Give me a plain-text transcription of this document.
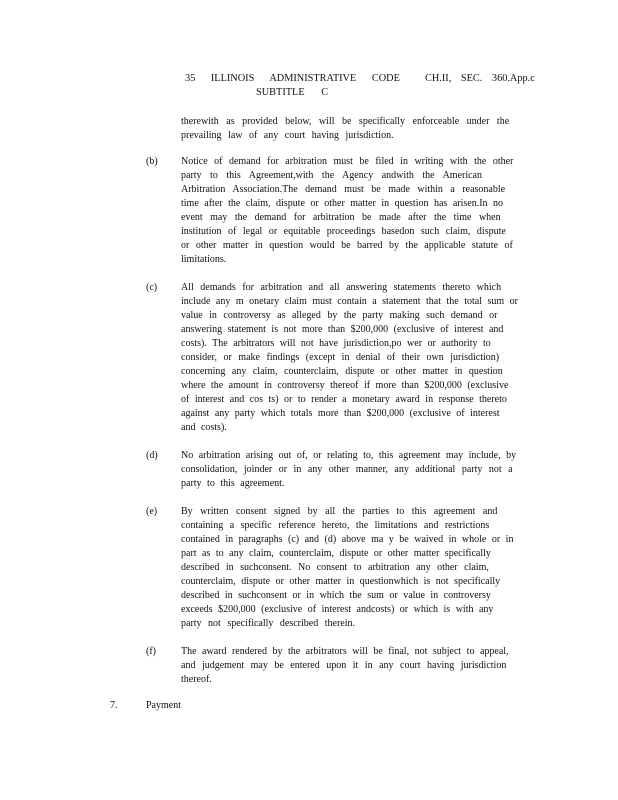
35 ILLINOIS ADMINISTRATIVE CODE CH.II, SEC. 360.App.c
SUBTITLE C
therewith as provided below, will be specifically enforceable under the
prevailing law of any court having jurisdiction.
(b) Notice of demand for arbitration must be filed in writing with the other
party to this Agreement,with the Agency andwith the American
Arbitration Association.The demand must be made within a reasonable
time after the claim, dispute or other matter in question has arisen.In no
event may the demand for arbitration be made after the time when
institution of legal or equitable proceedings basedon such claim, dispute
or other matter in question would be barred by the applicable statute of
limitations.
(c) All demands for arbitration and all answering statements thereto which
include any m onetary claim must contain a statement that the total sum or
value in controversy as alleged by the party making such demand or
answering statement is not more than $200,000 (exclusive of interest and
costs). The arbitrators will not have jurisdiction,po wer or authority to
consider, or make findings (except in denial of their own jurisdiction)
concerning any claim, counterclaim, dispute or other matter in question
where the amount in controversy thereof if more than $200,000 (exclusive
of interest and cos ts) or to render a monetary award in response thereto
against any party which totals more than $200,000 (exclusive of interest
and costs).
(d) No arbitration arising out of, or relating to, this agreement may include, by
consolidation, joinder or in any other manner, any additional party not a
party to this agreement.
(e) By written consent signed by all the parties to this agreement and
containing a specific reference hereto, the limitations and restrictions
contained in paragraphs (c) and (d) above ma y be waived in whole or in
part as to any claim, counterclaim, dispute or other matter specifically
described in suchconsent. No consent to arbitration any other claim,
counterclaim, dispute or other matter in questionwhich is not specifically
described in suchconsent or in which the sum or value in controversy
exceeds $200,000 (exclusive of interest andcosts) or which is with any
party not specifically described therein.
(f)	The award rendered by the arbitrators will be final, not subject to appeal,
and judgement may be entered upon it in any court having jurisdiction
thereof.
7.	Payment
